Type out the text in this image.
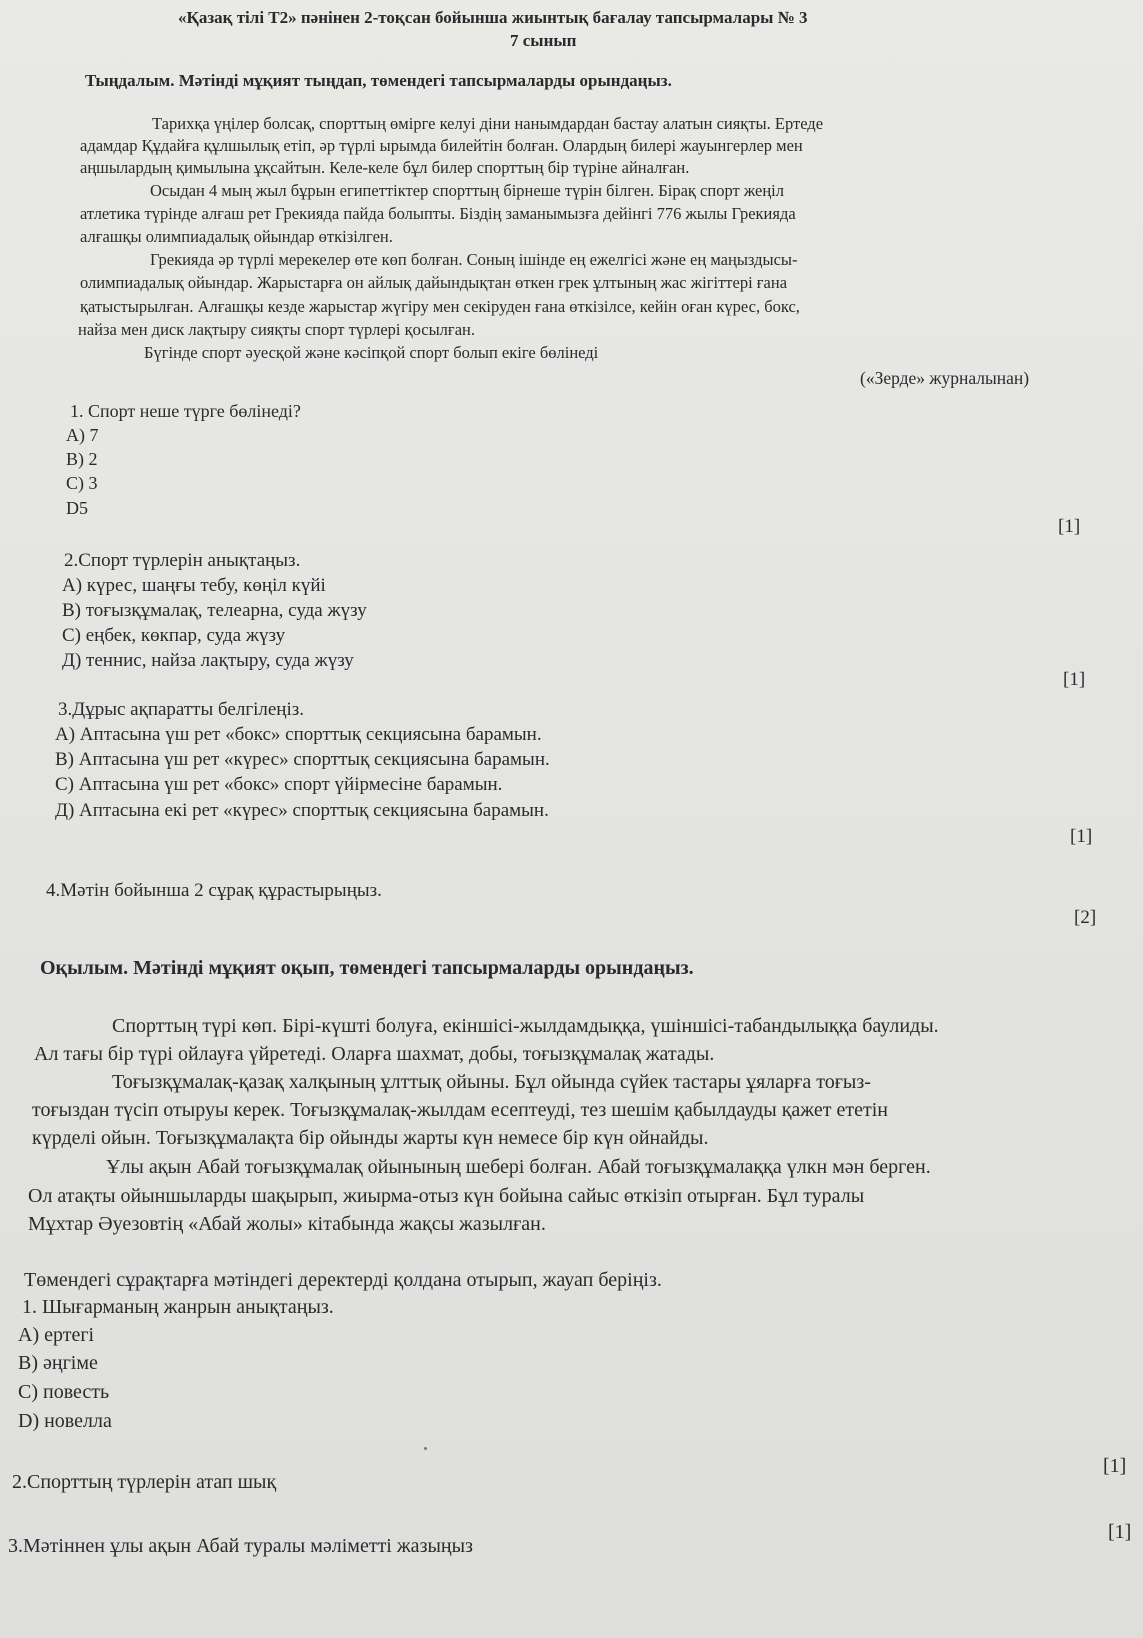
«Қазақ тілі Т2» пәнінен 2-тоқсан бойынша жиынтық бағалау тапсырмалары № 3
7 сынып
Тыңдалым. Мәтінді мұқият тыңдап, төмендегі тапсырмаларды орындаңыз.
Тарихқа үңілер болсақ, спорттың өмірге келуі діни нанымдардан бастау алатын сияқты. Ертеде
адамдар Құдайға құлшылық етіп, әр түрлі ырымда билейтін болған. Олардың билері жауынгерлер мен
аңшылардың қимылына ұқсайтын. Келе-келе бұл билер спорттың бір түріне айналған.
Осыдан 4 мың жыл бұрын египеттіктер спорттың бірнеше түрін білген. Бірақ спорт жеңіл
атлетика түрінде алғаш рет Грекияда пайда болыпты. Біздің заманымызға дейінгі 776 жылы Грекияда
алғашқы олимпиадалық ойындар өткізілген.
Грекияда әр түрлі мерекелер өте көп болған. Соның ішінде ең ежелгісі және ең маңыздысы-
олимпиадалық ойындар. Жарыстарға он айлық дайындықтан өткен грек ұлтының жас жігіттері ғана
қатыстырылған. Алғашқы кезде жарыстар жүгіру мен секіруден ғана өткізілсе, кейін оған күрес, бокс,
найза мен диск лақтыру сияқты спорт түрлері қосылған.
Бүгінде спорт әуесқой және кәсіпқой спорт болып екіге бөлінеді
(«Зерде» журналынан)
1. Спорт неше түрге бөлінеді?
А) 7
В) 2
С) 3
D5
[1]
2.Спорт түрлерін анықтаңыз.
А) күрес, шаңғы тебу, көңіл күйі
В) тоғызқұмалақ, телеарна, суда жүзу
С) еңбек, көкпар, суда жүзу
Д) теннис, найза лақтыру, суда жүзу
[1]
3.Дұрыс ақпаратты белгілеңіз.
А) Аптасына үш рет «бокс» спорттық секциясына барамын.
В) Аптасына үш рет «күрес» спорттық секциясына барамын.
С) Аптасына үш рет «бокс» спорт үйірмесіне барамын.
Д) Аптасына екі рет «күрес» спорттық секциясына барамын.
[1]
4.Мәтін бойынша 2 сұрақ құрастырыңыз.
[2]
Оқылым. Мәтінді мұқият оқып, төмендегі тапсырмаларды орындаңыз.
Спорттың түрі көп. Бірі-күшті болуға, екіншісі-жылдамдыққа, үшіншісі-табандылыққа баулиды.
Ал тағы бір түрі ойлауға үйретеді. Оларға шахмат, добы, тоғызқұмалақ жатады.
Тоғызқұмалақ-қазақ халқының ұлттық ойыны. Бұл ойында сүйек тастары ұяларға тоғыз-
тоғыздан түсіп отыруы керек. Тоғызқұмалақ-жылдам есептеуді, тез шешім қабылдауды қажет ететін
күрделі ойын. Тоғызқұмалақта бір ойынды жарты күн немесе бір күн ойнайды.
Ұлы ақын Абай тоғызқұмалақ ойынының шебері болған. Абай тоғызқұмалаққа үлкн мән берген.
Ол атақты ойыншыларды шақырып, жиырма-отыз күн бойына сайыс өткізіп отырған. Бұл туралы
Мұхтар Әуезовтің «Абай жолы» кітабында жақсы жазылған.
Төмендегі сұрақтарға мәтіндегі деректерді қолдана отырып, жауап беріңіз.
1. Шығарманың жанрын анықтаңыз.
А) ертегі
В) әңгіме
С) повесть
D) новелла
[1]
2.Спорттың түрлерін атап шық
[1]
3.Мәтіннен ұлы ақын Абай туралы мәліметті жазыңыз
